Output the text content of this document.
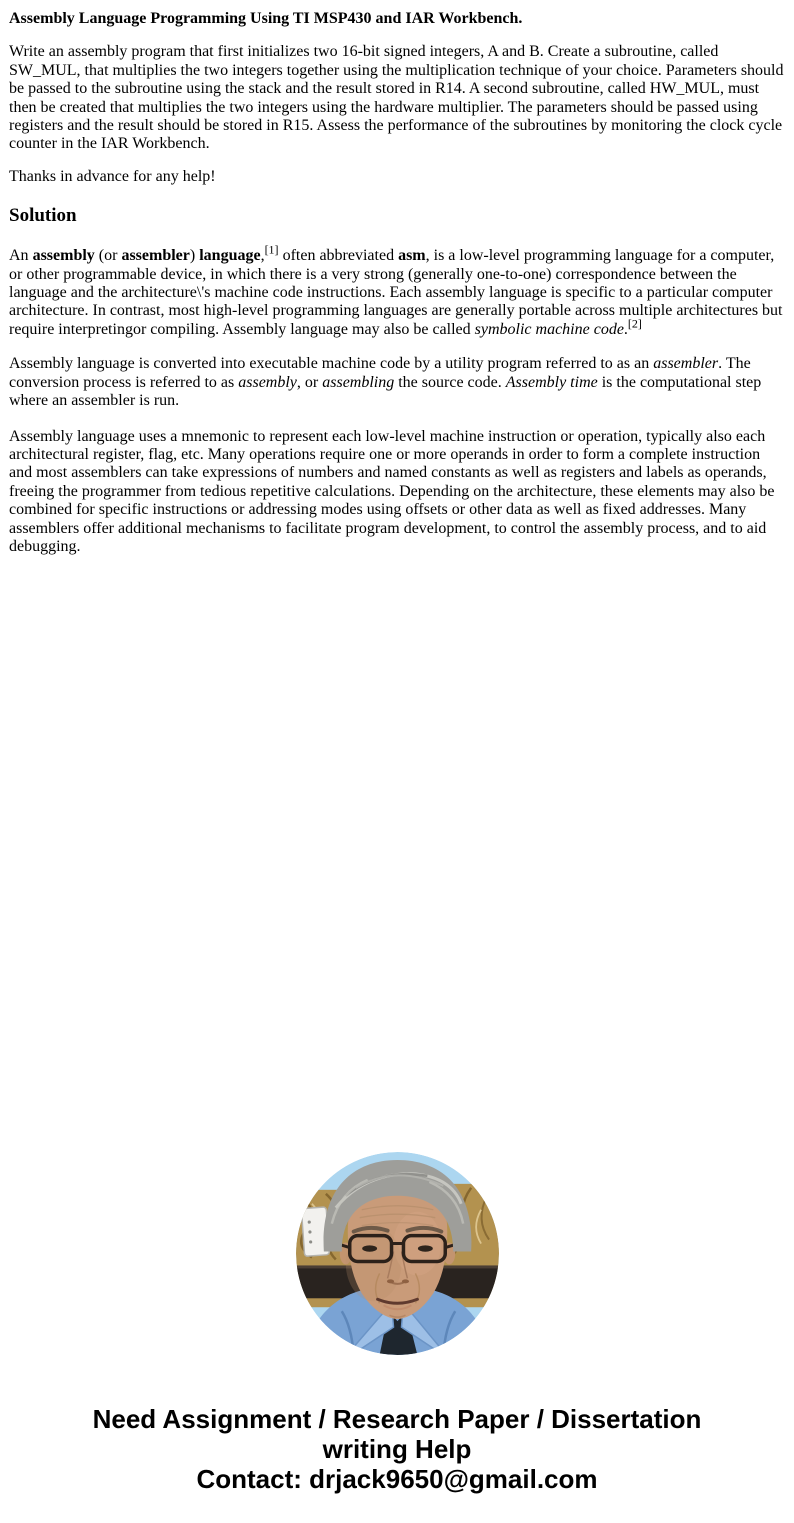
Assembly Language Programming Using TI MSP430 and IAR Workbench.

Write an assembly program that first initializes two 16-bit signed integers, A and B. Create a subroutine, called SW_MUL, that multiplies the two integers together using the multiplication technique of your choice. Parameters should be passed to the subroutine using the stack and the result stored in R14. A second subroutine, called HW_MUL, must then be created that multiplies the two integers using the hardware multiplier. The parameters should be passed using registers and the result should be stored in R15. Assess the performance of the subroutines by monitoring the clock cycle counter in the IAR Workbench.

Thanks in advance for any help!

Solution

An assembly (or assembler) language,[1] often abbreviated asm, is a low-level programming language for a computer, or other programmable device, in which there is a very strong (generally one-to-one) correspondence between the language and the architecture\'s machine code instructions. Each assembly language is specific to a particular computer architecture. In contrast, most high-level programming languages are generally portable across multiple architectures but require interpretingor compiling. Assembly language may also be called symbolic machine code.[2]

Assembly language is converted into executable machine code by a utility program referred to as an assembler. The conversion process is referred to as assembly, or assembling the source code. Assembly time is the computational step where an assembler is run.

Assembly language uses a mnemonic to represent each low-level machine instruction or operation, typically also each architectural register, flag, etc. Many operations require one or more operands in order to form a complete instruction and most assemblers can take expressions of numbers and named constants as well as registers and labels as operands, freeing the programmer from tedious repetitive calculations. Depending on the architecture, these elements may also be combined for specific instructions or addressing modes using offsets or other data as well as fixed addresses. Many assemblers offer additional mechanisms to facilitate program development, to control the assembly process, and to aid debugging.

Need Assignment / Research Paper / Dissertation
writing Help
Contact: drjack9650@gmail.com
